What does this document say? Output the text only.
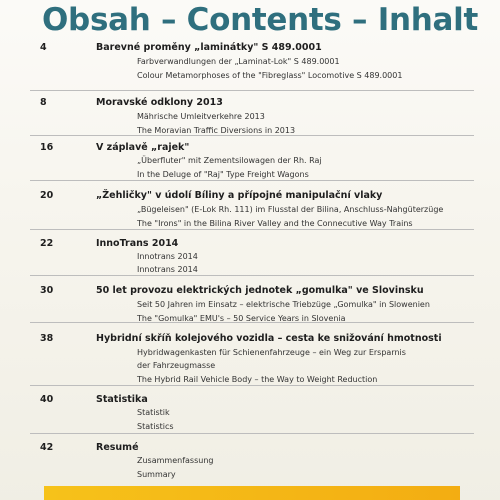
Obsah – Contents – Inhalt
4	Barevné proměny „laminátky" S 489.0001
Farbverwandlungen der „Laminat-Lok" S 489.0001
Colour Metamorphoses of the "Fibreglass" Locomotive S 489.0001
8	Moravské odklony 2013
Mährische Umleitverkehre 2013
The Moravian Traffic Diversions in 2013
16	V záplavě „rajek"
„Überfluter" mit Zementsilowagen der Rh. Raj
In the Deluge of "Raj" Type Freight Wagons
20	„Žehličky" v údolí Bíliny a přípojné manipulační vlaky
„Bügeleisen" (E-Lok Rh. 111) im Flusstal der Bilina, Anschluss-Nahgüterzüge
The "Irons" in the Bilina River Valley and the Connecutive Way Trains
22	InnoTrans 2014
Innotrans 2014
Innotrans 2014
30	50 let provozu elektrických jednotek „gomulka" ve Slovinsku
Seit 50 Jahren im Einsatz – elektrische Triebzüge „Gomulka" in Slowenien
The "Gomulka" EMU's – 50 Service Years in Slovenia
38	Hybridní skříň kolejového vozidla – cesta ke snižování hmotnosti
Hybridwagenkasten für Schienenfahrzeuge – ein Weg zur Ersparnis
der Fahrzeugmasse
The Hybrid Rail Vehicle Body – the Way to Weight Reduction
40	Statistika
Statistik
Statistics
42	Resumé
Zusammenfassung
Summary
